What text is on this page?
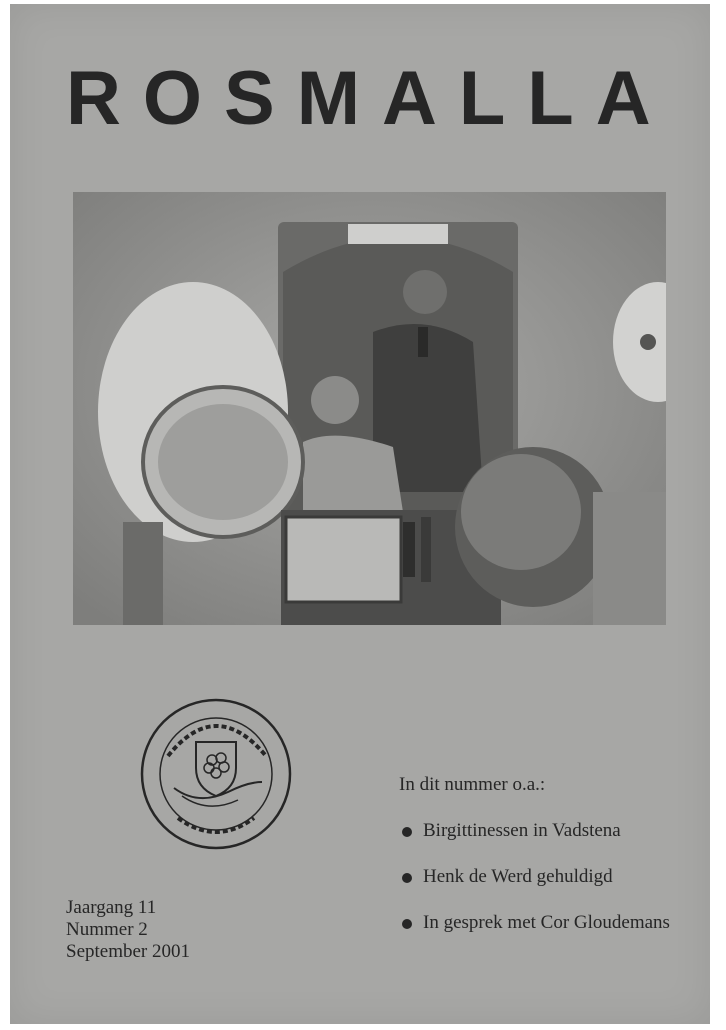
ROSMALLA
Jaargang 11
Nummer 2
September 2001
In dit nummer o.a.:
Birgittinessen in Vadstena
Henk de Werd gehuldigd
In gesprek met Cor Gloudemans
